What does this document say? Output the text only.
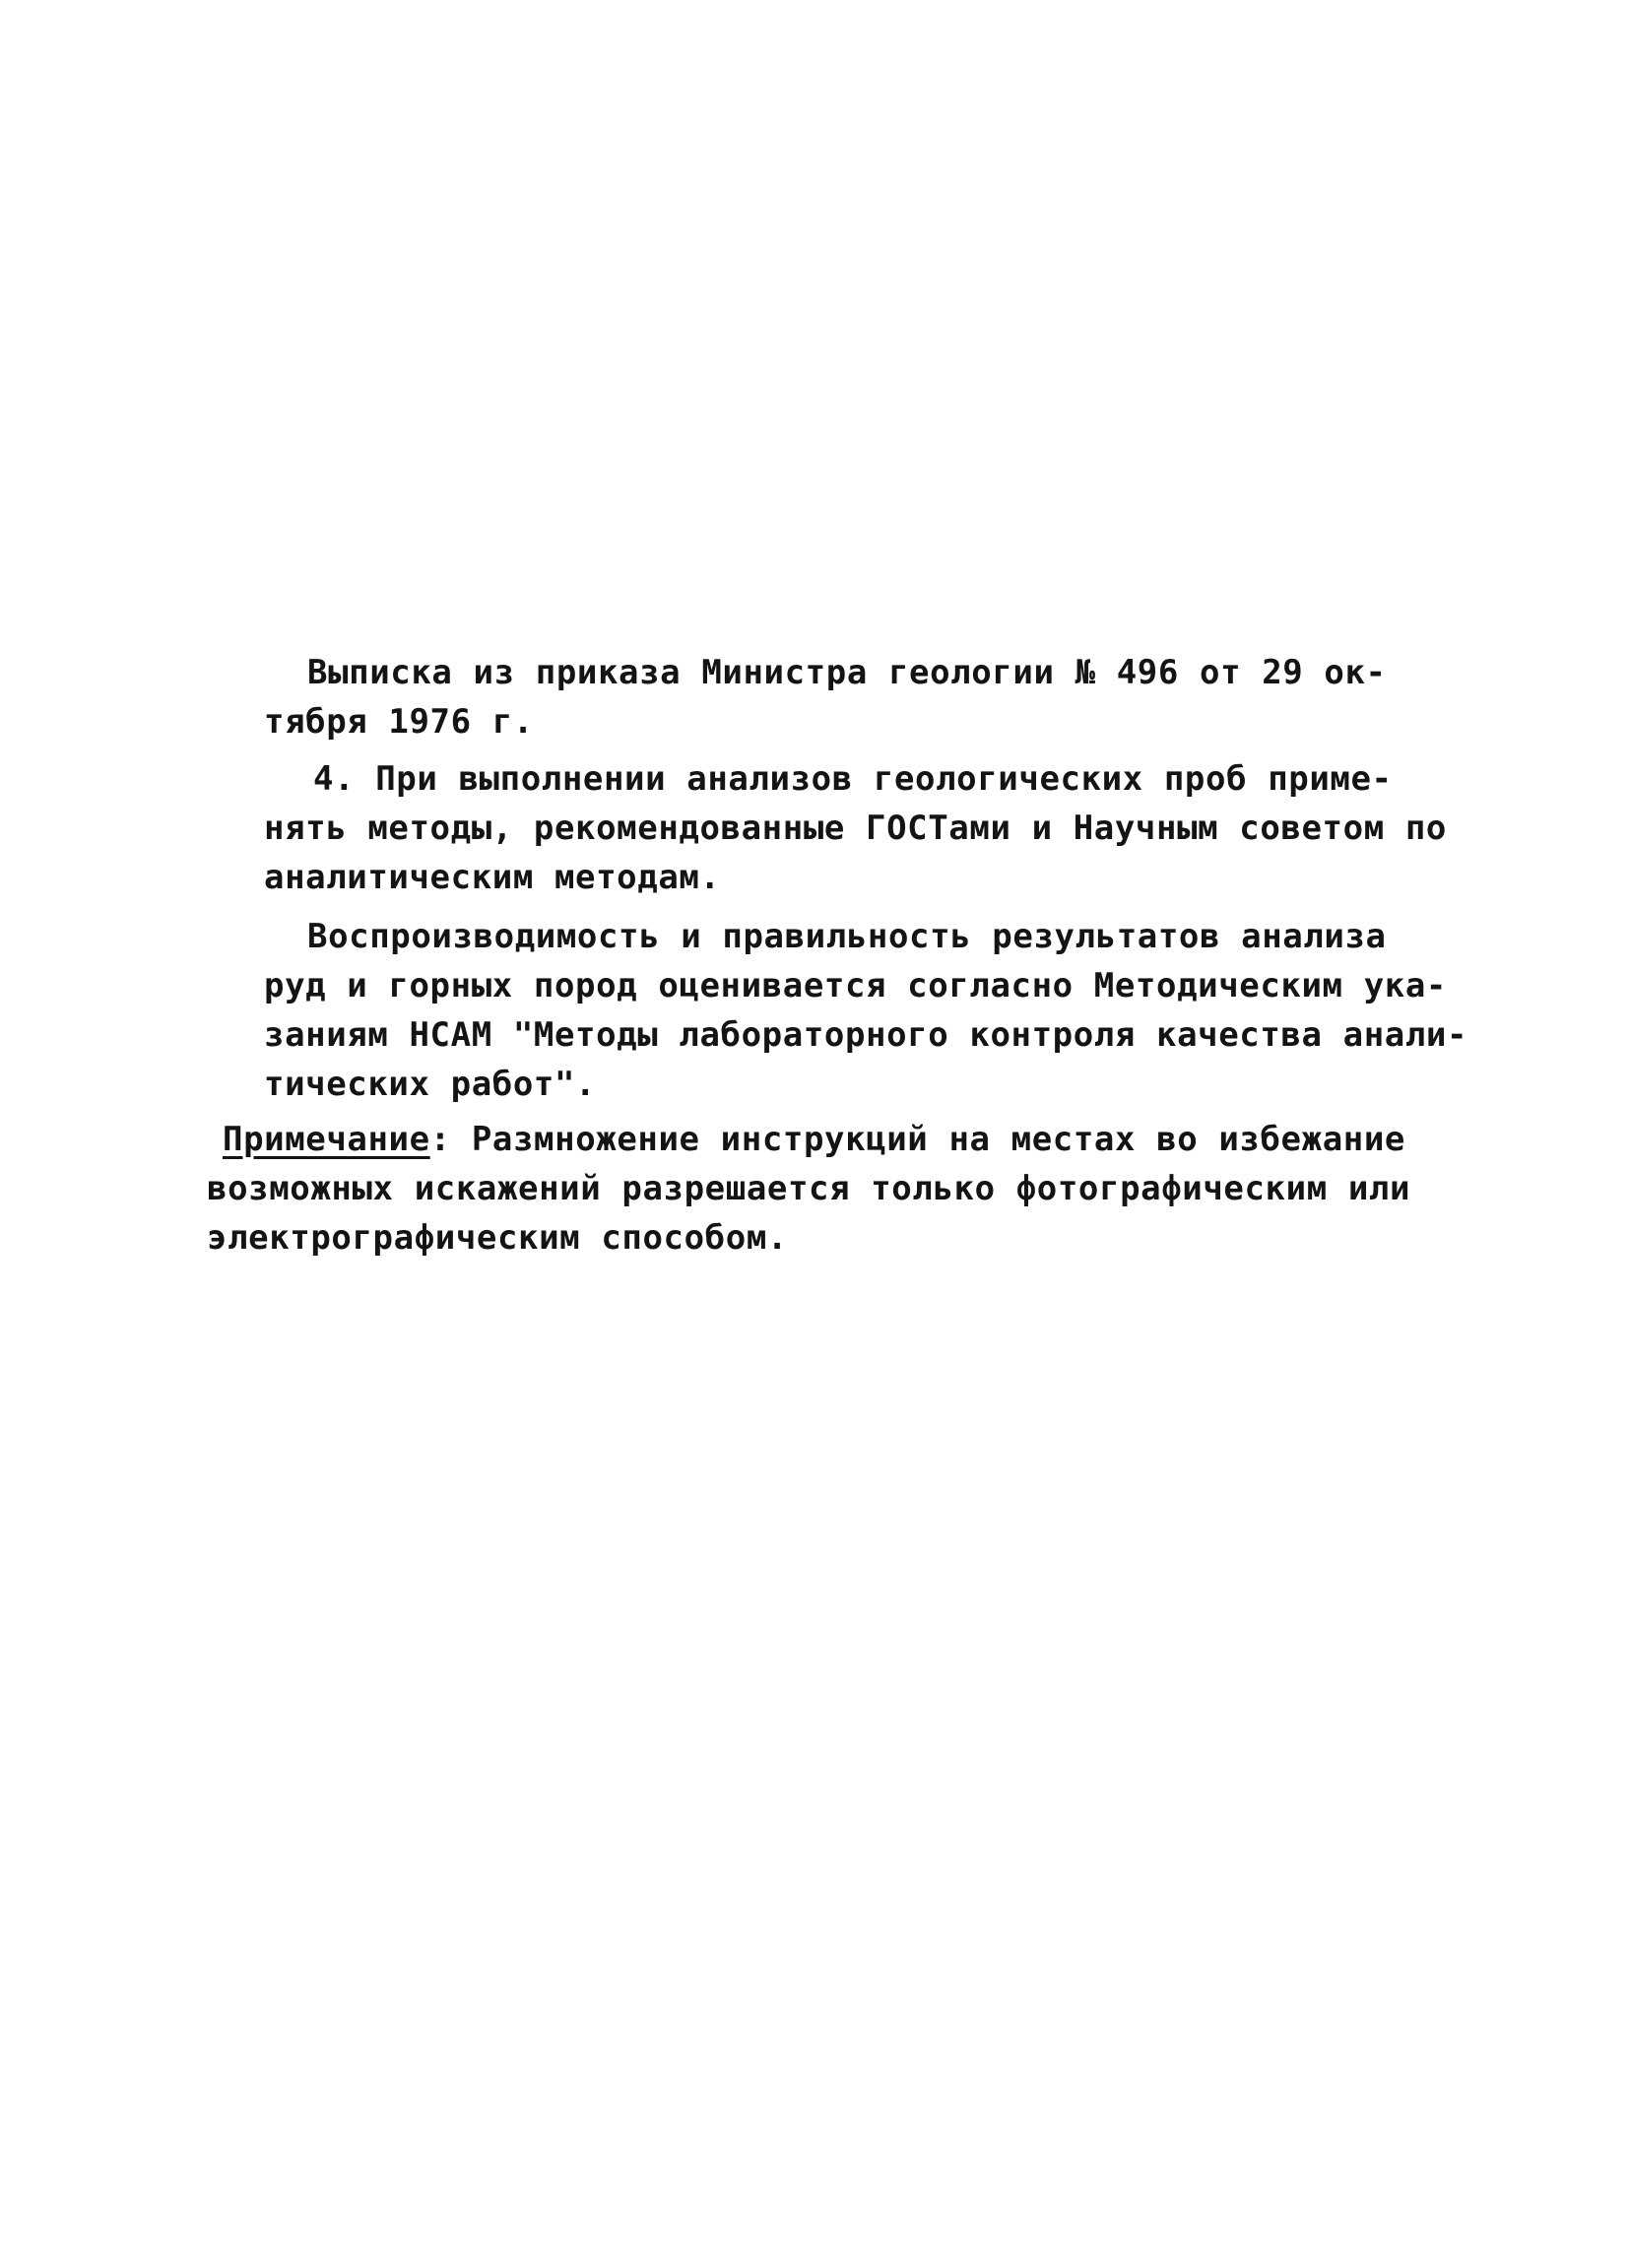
Выписка из приказа Министра геологии № 496 от 29 ок-
тября 1976 г.
4. При выполнении анализов геологических проб приме-
нять методы, рекомендованные ГОСТами и Научным советом по
аналитическим методам.
Воспроизводимость и правильность результатов анализа
руд и горных пород оценивается согласно Методическим ука-
заниям НСАМ "Методы лабораторного контроля качества анали-
тических работ".
Примечание: Размножение инструкций на местах во избежание
возможных искажений разрешается только фотографическим или
электрографическим способом.
